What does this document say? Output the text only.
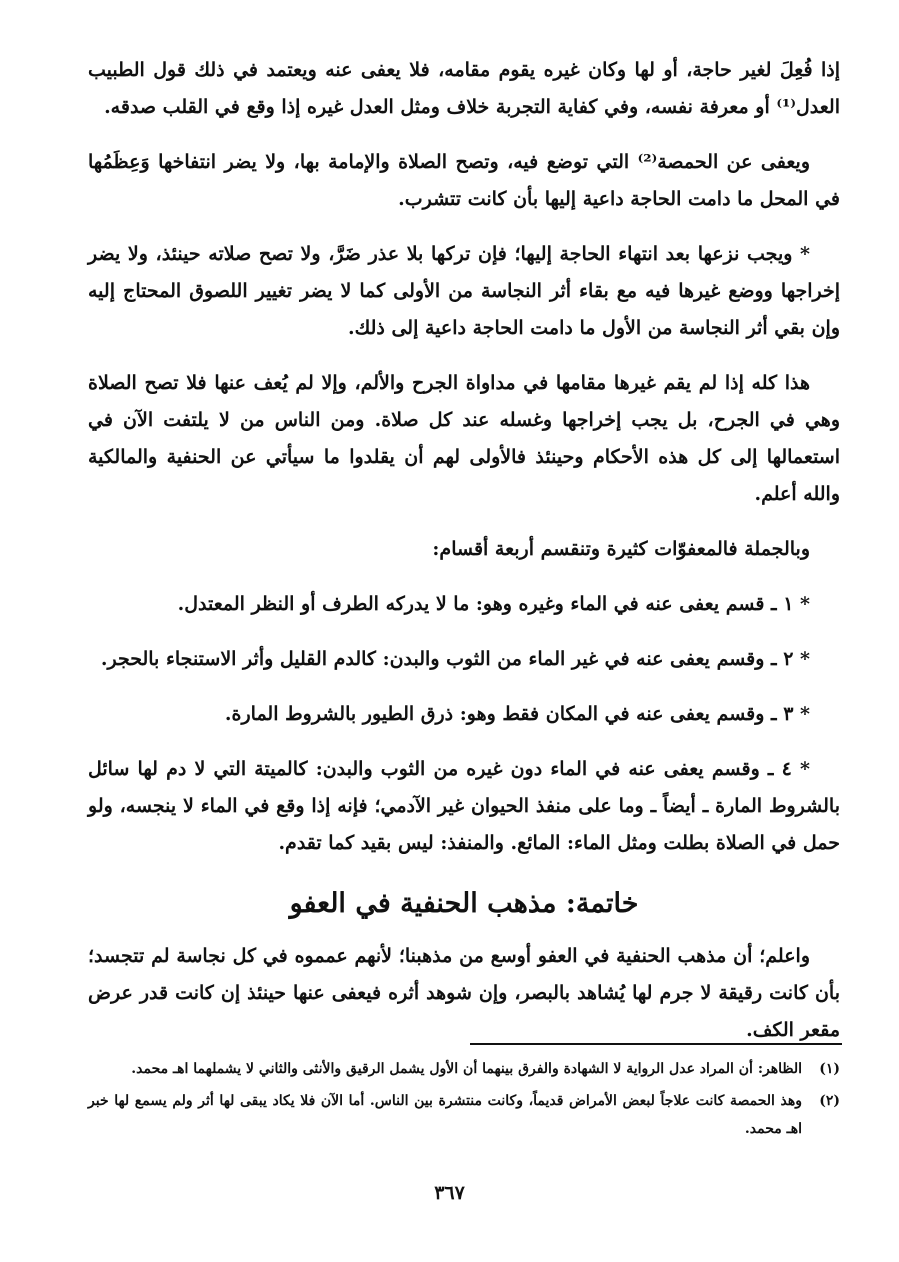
إذا فُعِلَ لغير حاجة، أو لها وكان غيره يقوم مقامه، فلا يعفى عنه ويعتمد في ذلك قول الطبيب العدل⁽¹⁾ أو معرفة نفسه، وفي كفاية التجربة خلاف ومثل العدل غيره إذا وقع في القلب صدقه.

ويعفى عن الحمصة⁽²⁾ التي توضع فيه، وتصح الصلاة والإمامة بها، ولا يضر انتفاخها وَعِظَمُها في المحل ما دامت الحاجة داعية إليها بأن كانت تتشرب.

* ويجب نزعها بعد انتهاء الحاجة إليها؛ فإن تركها بلا عذر ضَرَّ، ولا تصح صلاته حينئذ، ولا يضر إخراجها ووضع غيرها فيه مع بقاء أثر النجاسة من الأولى كما لا يضر تغيير اللصوق المحتاج إليه وإن بقي أثر النجاسة من الأول ما دامت الحاجة داعية إلى ذلك.

هذا كله إذا لم يقم غيرها مقامها في مداواة الجرح والألم، وإلا لم يُعف عنها فلا تصح الصلاة وهي في الجرح، بل يجب إخراجها وغسله عند كل صلاة. ومن الناس من لا يلتفت الآن في استعمالها إلى كل هذه الأحكام وحينئذ فالأولى لهم أن يقلدوا ما سيأتي عن الحنفية والمالكية والله أعلم.

وبالجملة فالمعفوّات كثيرة وتنقسم أربعة أقسام:

* ١ ـ قسم يعفى عنه في الماء وغيره وهو: ما لا يدركه الطرف أو النظر المعتدل.

* ٢ ـ وقسم يعفى عنه في غير الماء من الثوب والبدن: كالدم القليل وأثر الاستنجاء بالحجر.

* ٣ ـ وقسم يعفى عنه في المكان فقط وهو: ذرق الطيور بالشروط المارة.

* ٤ ـ وقسم يعفى عنه في الماء دون غيره من الثوب والبدن: كالميتة التي لا دم لها سائل بالشروط المارة ـ أيضاً ـ وما على منفذ الحيوان غير الآدمي؛ فإنه إذا وقع في الماء لا ينجسه، ولو حمل في الصلاة بطلت ومثل الماء: المائع. والمنفذ: ليس بقيد كما تقدم.

خاتمة: مذهب الحنفية في العفو

واعلم؛ أن مذهب الحنفية في العفو أوسع من مذهبنا؛ لأنهم عمموه في كل نجاسة لم تتجسد؛ بأن كانت رقيقة لا جرم لها يُشاهد بالبصر، وإن شوهد أثره فيعفى عنها حينئذ إن كانت قدر عرض مقعر الكف.

(١)
الظاهر: أن المراد عدل الرواية لا الشهادة والفرق بينهما أن الأول يشمل الرقيق والأنثى والثاني لا يشملهما اهـ محمد.
(٢)
وهذ الحمصة كانت علاجاً لبعض الأمراض قديماً، وكانت منتشرة بين الناس. أما الآن فلا يكاد يبقى لها أثر ولم يسمع لها خبر اهـ محمد.
٣٦٧
